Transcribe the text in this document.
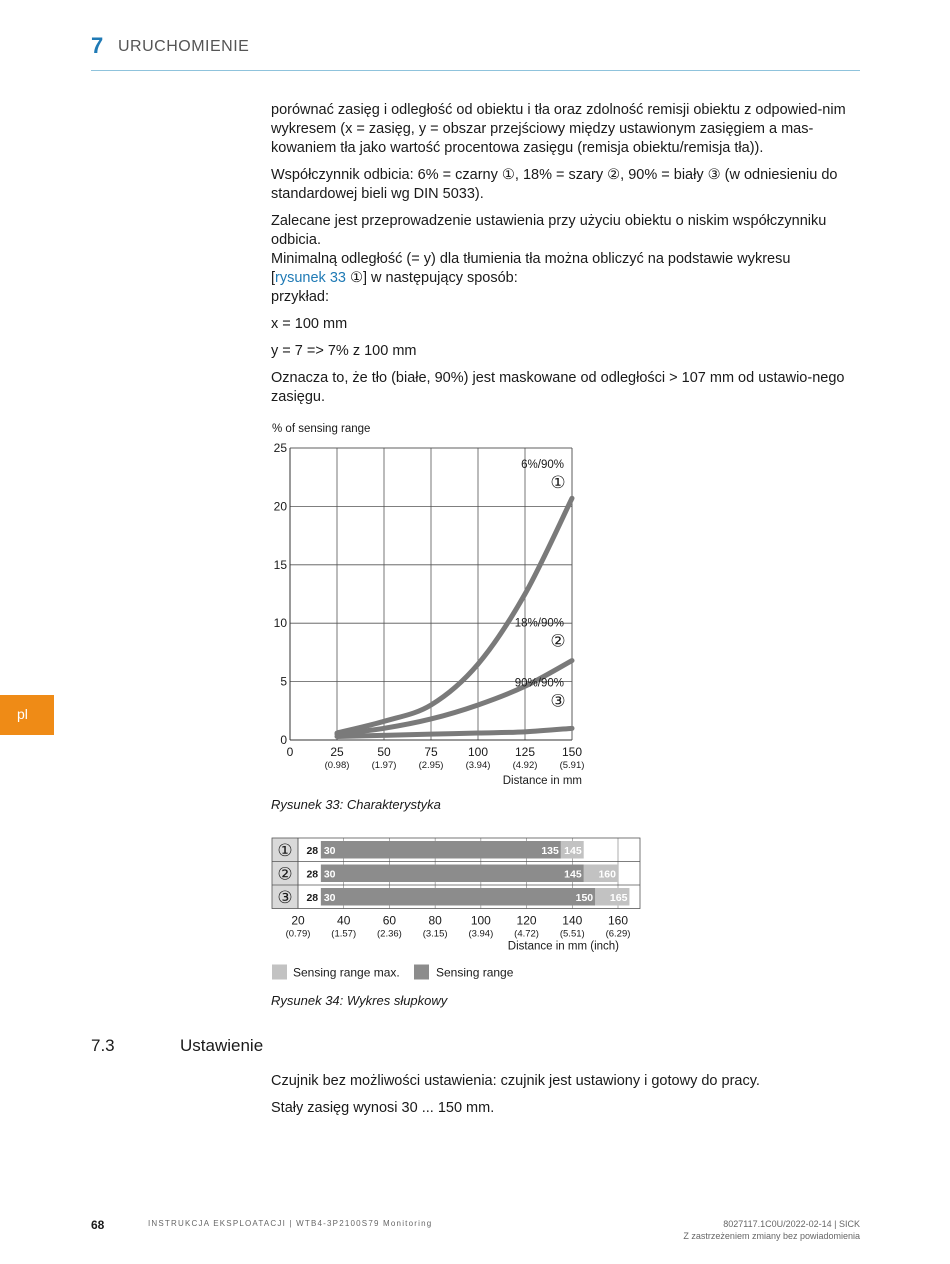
7 URUCHOMIENIE

porównać zasięg i odległość od obiektu i tła oraz zdolność remisji obiektu z odpowied-nim wykresem (x = zasięg, y = obszar przejściowy między ustawionym zasięgiem a mas-kowaniem tła jako wartość procentowa zasięgu (remisja obiektu/remisja tła)).

Współczynnik odbicia: 6% = czarny ①, 18% = szary ②, 90% = biały ③ (w odniesieniu do standardowej bieli wg DIN 5033).

Zalecane jest przeprowadzenie ustawienia przy użyciu obiektu o niskim współczynniku odbicia.

Minimalną odległość (= y) dla tłumienia tła można obliczyć na podstawie wykresu

[rysunek 33 ①] w następujący sposób:

przykład:

x = 100 mm

y = 7 => 7% z 100 mm

Oznacza to, że tło (białe, 90%) jest maskowane od odległości > 107 mm od ustawio-nego zasięgu.

pl
% of sensing range
0
5
10
15
20
25
0	25
(0.98)
50
(1.97)
75
(2.95)
100
(3.94)
125
(4.92)
150
(5.91)
6%/90%
①
18%/90%
②
90%/90%
③
Distance in mm
Rysunek 33: Charakterystyka
① 28 30	135 145
② 28 30	145 160
③ 28 30	150 165
20
(0.79)
40
(1.57)
60
(2.36)
80
(3.15)
100
(3.94)
120
(4.72)
140
(5.51)
160
(6.29)
Distance in mm (inch)
Sensing range max.	Sensing range
Rysunek 34: Wykres słupkowy
7.3	Ustawienie

Czujnik bez możliwości ustawienia: czujnik jest ustawiony i gotowy do pracy.

Stały zasięg wynosi 30 ... 150 mm.

68	INSTRUKCJA EKSPLOATACJI | WTB4-3P2100S79 Monitoring	8027117.1C0U/2022-02-14 | SICK
Z zastrzeżeniem zmiany bez powiadomienia
